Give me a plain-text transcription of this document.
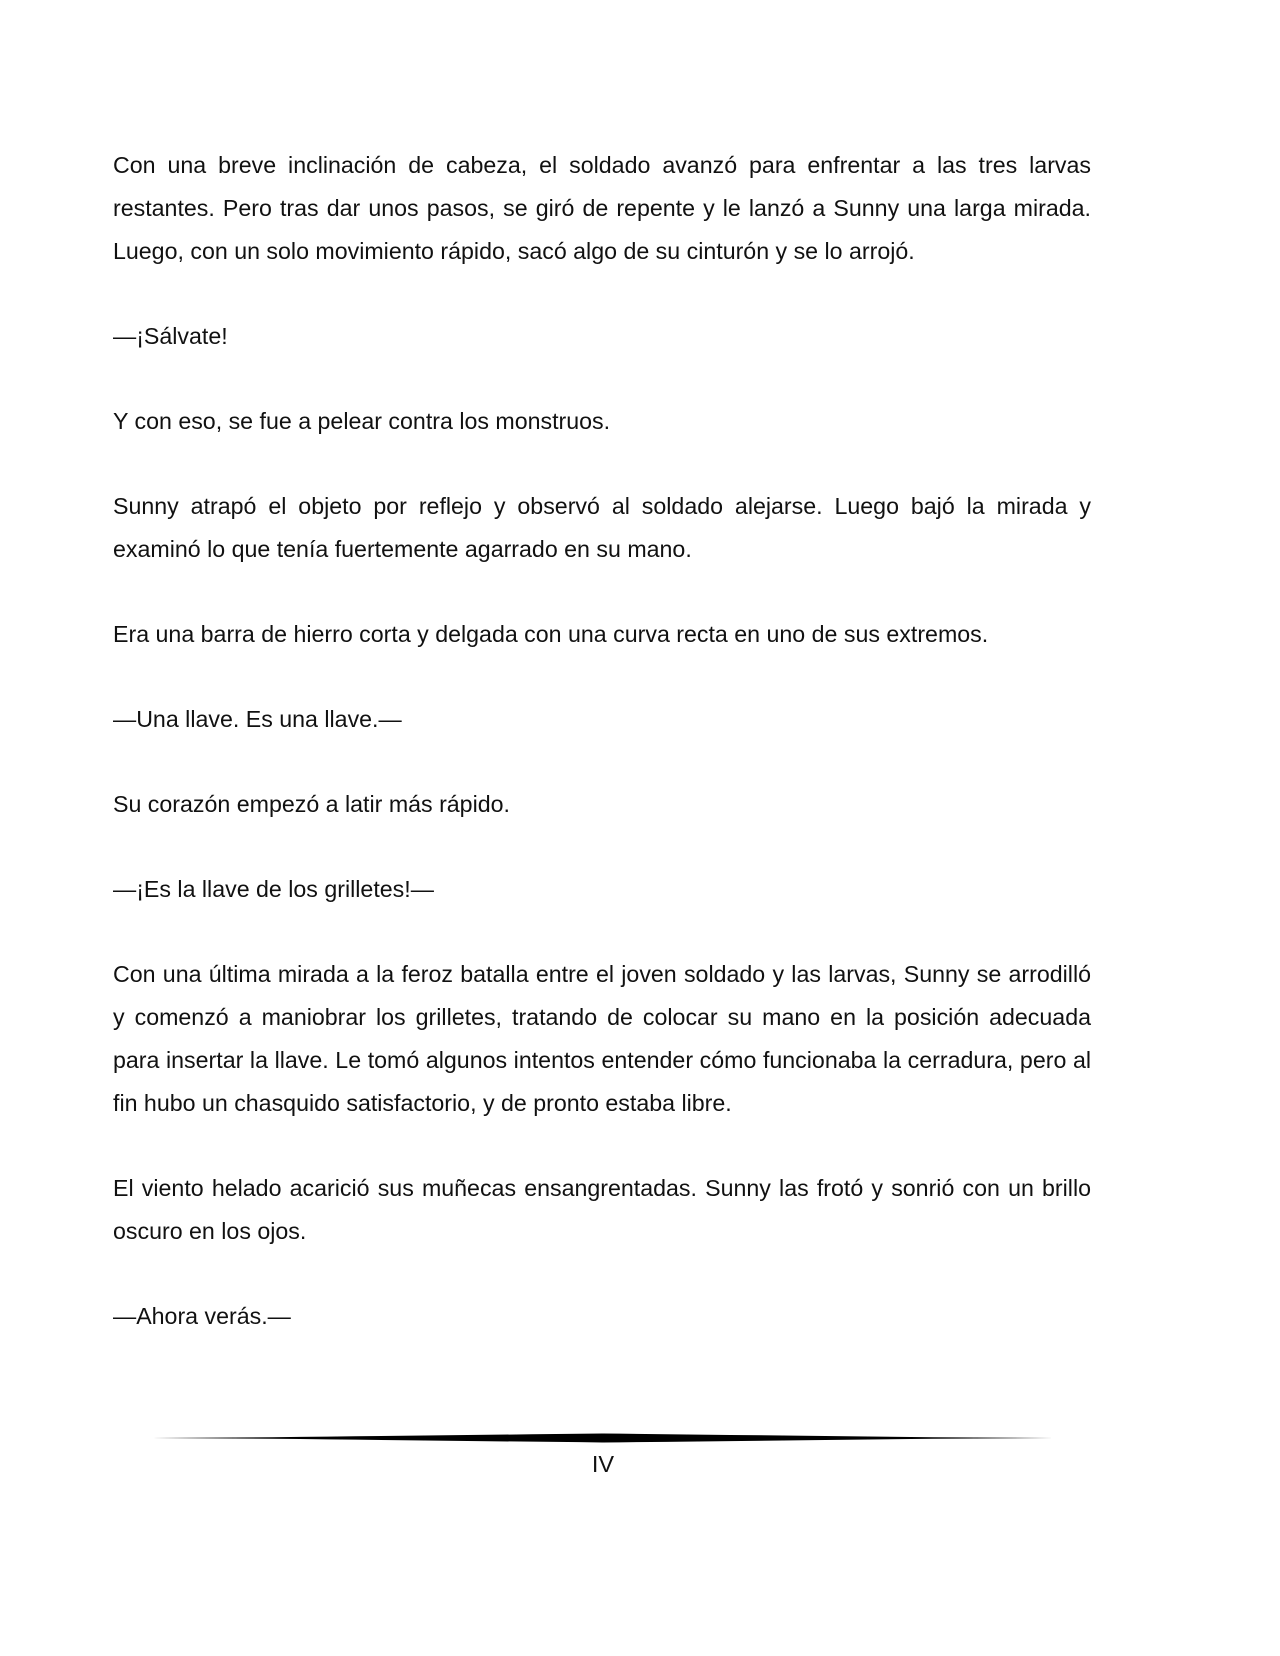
Con una breve inclinación de cabeza, el soldado avanzó para enfrentar a las tres larvas restantes. Pero tras dar unos pasos, se giró de repente y le lanzó a Sunny una larga mirada. Luego, con un solo movimiento rápido, sacó algo de su cinturón y se lo arrojó.

—¡Sálvate!

Y con eso, se fue a pelear contra los monstruos.

Sunny atrapó el objeto por reflejo y observó al soldado alejarse. Luego bajó la mirada y examinó lo que tenía fuertemente agarrado en su mano.

Era una barra de hierro corta y delgada con una curva recta en uno de sus extremos.

—Una llave. Es una llave.—

Su corazón empezó a latir más rápido.

—¡Es la llave de los grilletes!—

Con una última mirada a la feroz batalla entre el joven soldado y las larvas, Sunny se arrodilló y comenzó a maniobrar los grilletes, tratando de colocar su mano en la posición adecuada para insertar la llave. Le tomó algunos intentos entender cómo funcionaba la cerradura, pero al fin hubo un chasquido satisfactorio, y de pronto estaba libre.

El viento helado acarició sus muñecas ensangrentadas. Sunny las frotó y sonrió con un brillo oscuro en los ojos.

—Ahora verás.—

IV
